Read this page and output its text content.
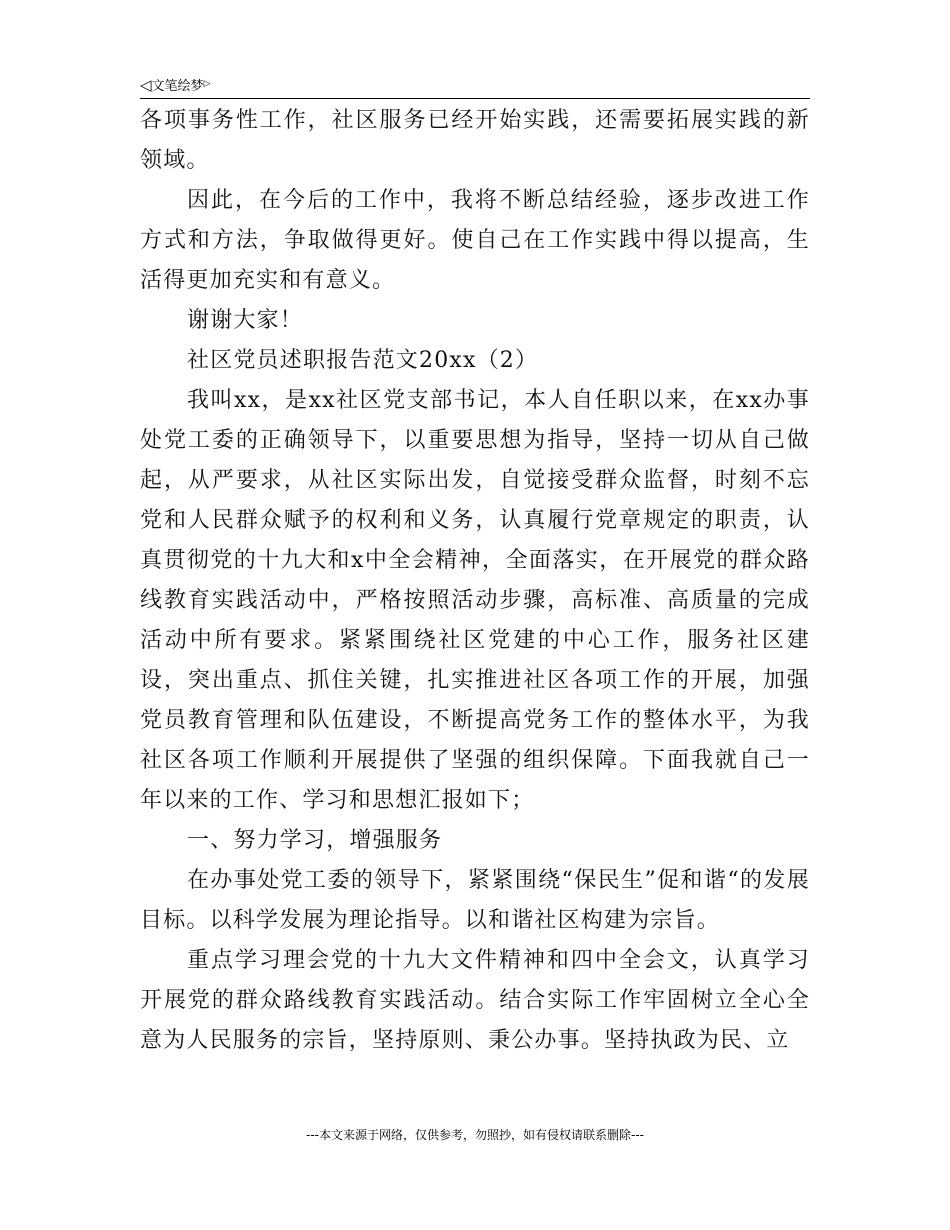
◁文笔绘梦▷

各项事务性工作，社区服务已经开始实践，还需要拓展实践的新领域。

因此，在今后的工作中，我将不断总结经验，逐步改进工作方式和方法，争取做得更好。使自己在工作实践中得以提高，生活得更加充实和有意义。

谢谢大家！

社区党员述职报告范文20xx（2）

我叫xx，是xx社区党支部书记，本人自任职以来，在xx办事处党工委的正确领导下，以重要思想为指导，坚持一切从自己做起，从严要求，从社区实际出发，自觉接受群众监督，时刻不忘党和人民群众赋予的权利和义务，认真履行党章规定的职责，认真贯彻党的十九大和x中全会精神，全面落实，在开展党的群众路线教育实践活动中，严格按照活动步骤，高标准、高质量的完成活动中所有要求。紧紧围绕社区党建的中心工作，服务社区建设，突出重点、抓住关键，扎实推进社区各项工作的开展，加强党员教育管理和队伍建设，不断提高党务工作的整体水平，为我社区各项工作顺利开展提供了坚强的组织保障。下面我就自己一年以来的工作、学习和思想汇报如下；

一、努力学习，增强服务

在办事处党工委的领导下，紧紧围绕“保民生”促和谐“的发展目标。以科学发展为理论指导。以和谐社区构建为宗旨。

重点学习理会党的十九大文件精神和四中全会文，认真学习开展党的群众路线教育实践活动。结合实际工作牢固树立全心全意为人民服务的宗旨，坚持原则、秉公办事。坚持执政为民、立

---本文来源于网络，仅供参考，勿照抄，如有侵权请联系删除---
